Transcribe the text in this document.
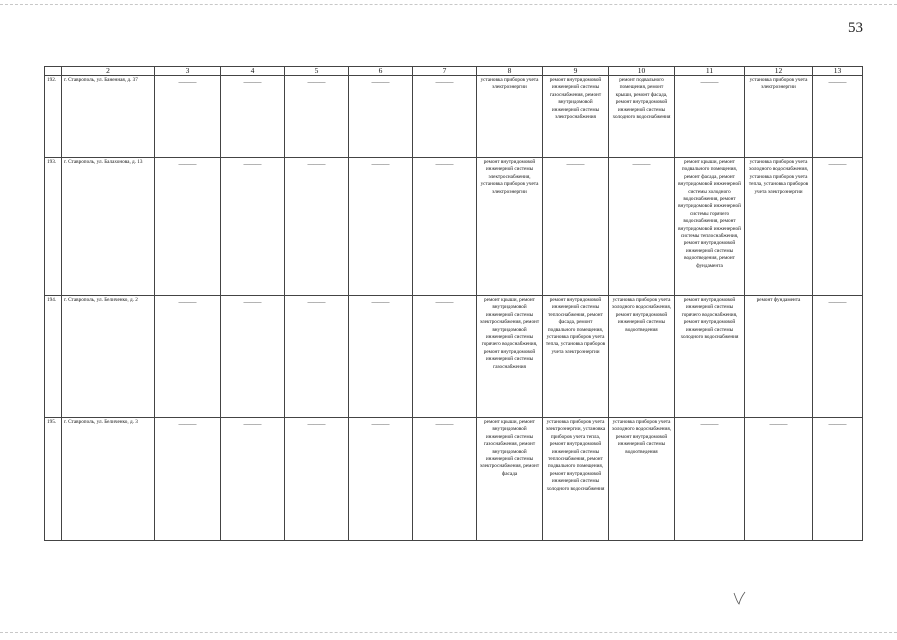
53
	2	3	4	5	6	7	8	9	10	11	12	13
192.	г. Ставрополь, ул. Баненная, д. 37	———	———	———	———	———	установка приборов учета электроэнергии	ремонт внутридомовой инженерной системы газоснабжения, ремонт внутридомовой инженерной системы электроснабжения	ремонт подвального помещения, ремонт крыши, ремонт фасада, ремонт внутридомовой инженерной системы холодного водоснабжения	———	установка приборов учета электроэнергии	———
193.	г. Ставрополь, ул. Балахонова, д. 13	———	———	———	———	———	ремонт внутридомовой инженерной системы электроснабжения, установка приборов учета электроэнергии	———	———	ремонт крыши, ремонт подвального помещения, ремонт фасада, ремонт внутридомовой инженерной системы холодного водоснабжения, ремонт внутридомовой инженерной системы горячего водоснабжения, ремонт внутридомовой инженерной системы теплоснабжения, ремонт внутридомовой инженерной системы водоотведения, ремонт фундамента	установка приборов учета холодного водоснабжения, установка приборов учета тепла, установка приборов учета электроэнергии	———
194.	г. Ставрополь, ул. Беличенко, д. 2	———	———	———	———	———	ремонт крыши, ремонт внутридомовой инженерной системы электроснабжения, ремонт внутридомовой инженерной системы горячего водоснабжения, ремонт внутридомовой инженерной системы газоснабжения	ремонт внутридомовой инженерной системы теплоснабжения, ремонт фасада, ремонт подвального помещения, установка приборов учета тепла, установка приборов учета электроэнергии	установка приборов учета холодного водоснабжения, ремонт внутридомовой инженерной системы водоотведения	ремонт внутридомовой инженерной системы горячего водоснабжения, ремонт внутридомовой инженерной системы холодного водоснабжения	ремонт фундамента	———
195.	г. Ставрополь, ул. Беличенко, д. 3	———	———	———	———	———	ремонт крыши, ремонт внутридомовой инженерной системы газоснабжения, ремонт внутридомовой инженерной системы электроснабжения, ремонт фасада	установка приборов учета электроэнергии, установка приборов учета тепла, ремонт внутридомовой инженерной системы теплоснабжения, ремонт подвального помещения, ремонт внутридомовой инженерной системы холодного водоснабжения	установка приборов учета холодного водоснабжения, ремонт внутридомовой инженерной системы водоотведения	———	———	———
